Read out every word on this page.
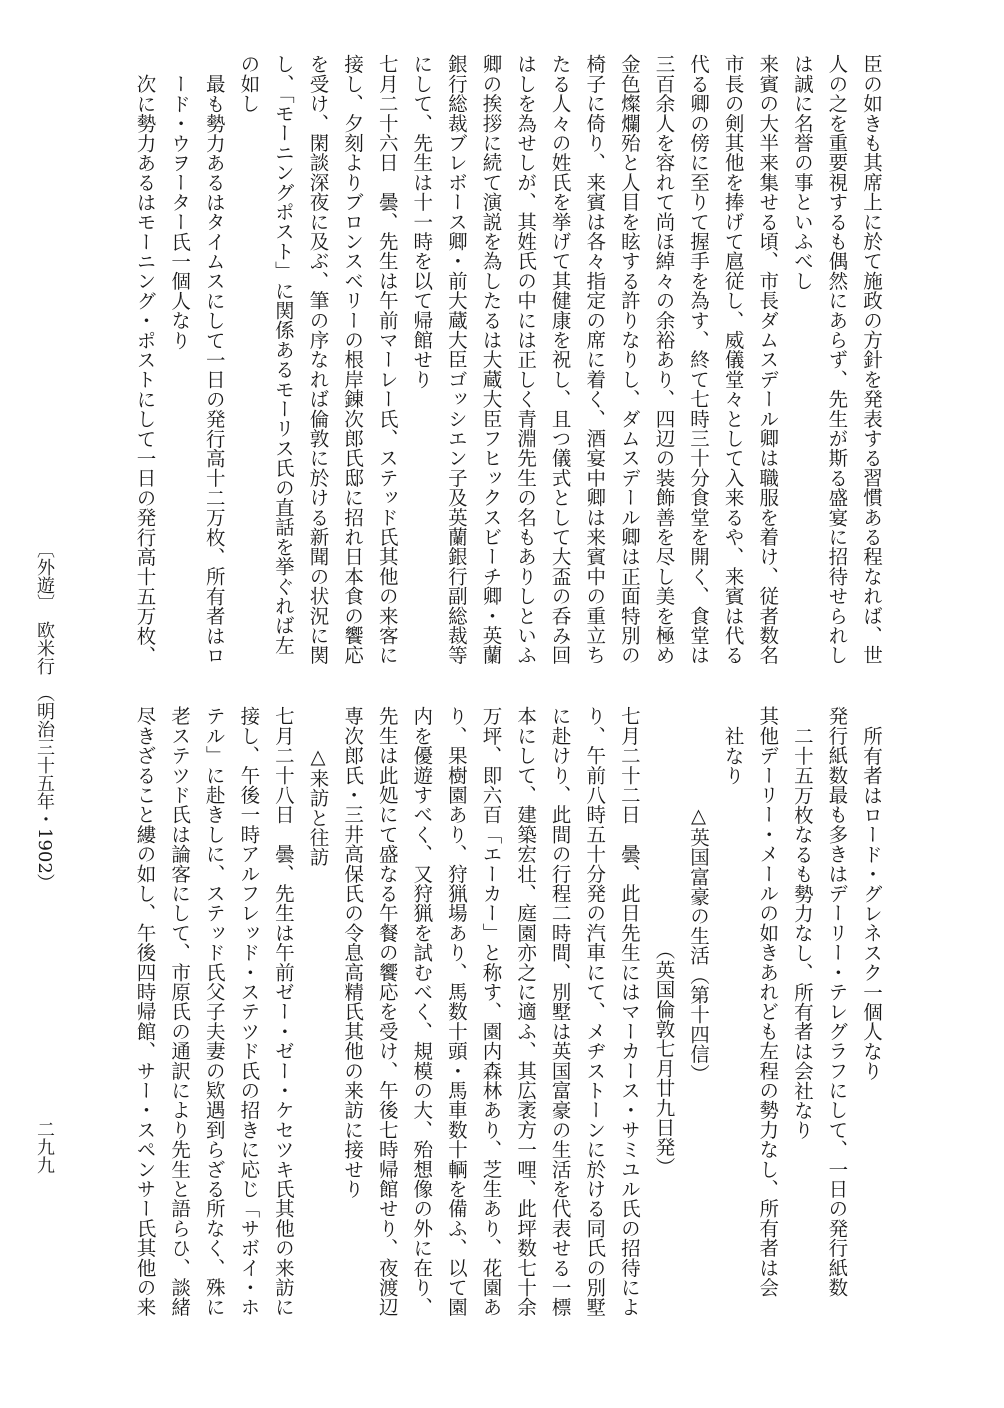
臣の如きも其席上に於て施政の方針を発表する習慣ある程なれば、世
人の之を重要視するも偶然にあらず、先生が斯る盛宴に招待せられし
は誠に名誉の事といふべし
来賓の大半来集せる頃、市長ダムスデール卿は職服を着け、従者数名
市長の剣其他を捧げて扈従し、威儀堂々として入来るや、来賓は代る
代る卿の傍に至りて握手を為す、終て七時三十分食堂を開く、食堂は
三百余人を容れて尚ほ綽々の余裕あり、四辺の装飾善を尽し美を極め
金色燦爛殆と人目を眩する許りなりし、ダムスデール卿は正面特別の
椅子に倚り、来賓は各々指定の席に着く、酒宴中卿は来賓中の重立ち
たる人々の姓氏を挙げて其健康を祝し、且つ儀式として大盃の呑み回
はしを為せしが、其姓氏の中には正しく青淵先生の名もありしといふ
卿の挨拶に続て演説を為したるは大蔵大臣フヒックスビーチ卿・英蘭
銀行総裁ブレボース卿・前大蔵大臣ゴッシエン子及英蘭銀行副総裁等
にして、先生は十一時を以て帰館せり
七月二十六日　曇、先生は午前マーレー氏、ステッド氏其他の来客に
接し、夕刻よりブロンスベリーの根岸錬次郎氏邸に招れ日本食の饗応
を受け、閑談深夜に及ぶ、筆の序なれば倫敦に於ける新聞の状況に関
し、「モーニングポスト」に関係あるモーリス氏の直話を挙ぐれば左
の如し
最も勢力あるはタイムスにして一日の発行高十二万枚、所有者はロ
ード・ウヲーター氏一個人なり
次に勢力あるはモーニング・ポストにして一日の発行高十五万枚、
所有者はロード・グレネスク一個人なり
発行紙数最も多きはデーリー・テレグラフにして、一日の発行紙数
二十五万枚なるも勢力なし、所有者は会社なり
其他デーリー・メールの如きあれども左程の勢力なし、所有者は会
社なり
△英国富豪の生活（第十四信）
（英国倫敦七月廿九日発）
七月二十二日　曇、此日先生にはマーカース・サミユル氏の招待によ
り、午前八時五十分発の汽車にて、メヂストーンに於ける同氏の別墅
に赴けり、此間の行程二時間、別墅は英国富豪の生活を代表せる一標
本にして、建築宏壮、庭園亦之に適ふ、其広袤方一哩、此坪数七十余
万坪、即六百「エーカー」と称す、園内森林あり、芝生あり、花園あ
り、果樹園あり、狩猟場あり、馬数十頭・馬車数十輌を備ふ、以て園
内を優遊すべく、又狩猟を試むべく、規模の大、殆想像の外に在り、
先生は此処にて盛なる午餐の饗応を受け、午後七時帰館せり、夜渡辺
専次郎氏・三井高保氏の令息高精氏其他の来訪に接せり
△来訪と往訪
七月二十八日　曇、先生は午前ゼー・ゼー・ケセツキ氏其他の来訪に
接し、午後一時アルフレッド・ステツド氏の招きに応じ「サボイ・ホ
テル」に赴きしに、ステッド氏父子夫妻の欵遇到らざる所なく、殊に
老ステツド氏は論客にして、市原氏の通訳により先生と語らひ、談緒
尽きざること縷の如し、午後四時帰館、サー・スペンサー氏其他の来
〔外遊〕　欧米行　（明治三十五年・1902）
二九九
